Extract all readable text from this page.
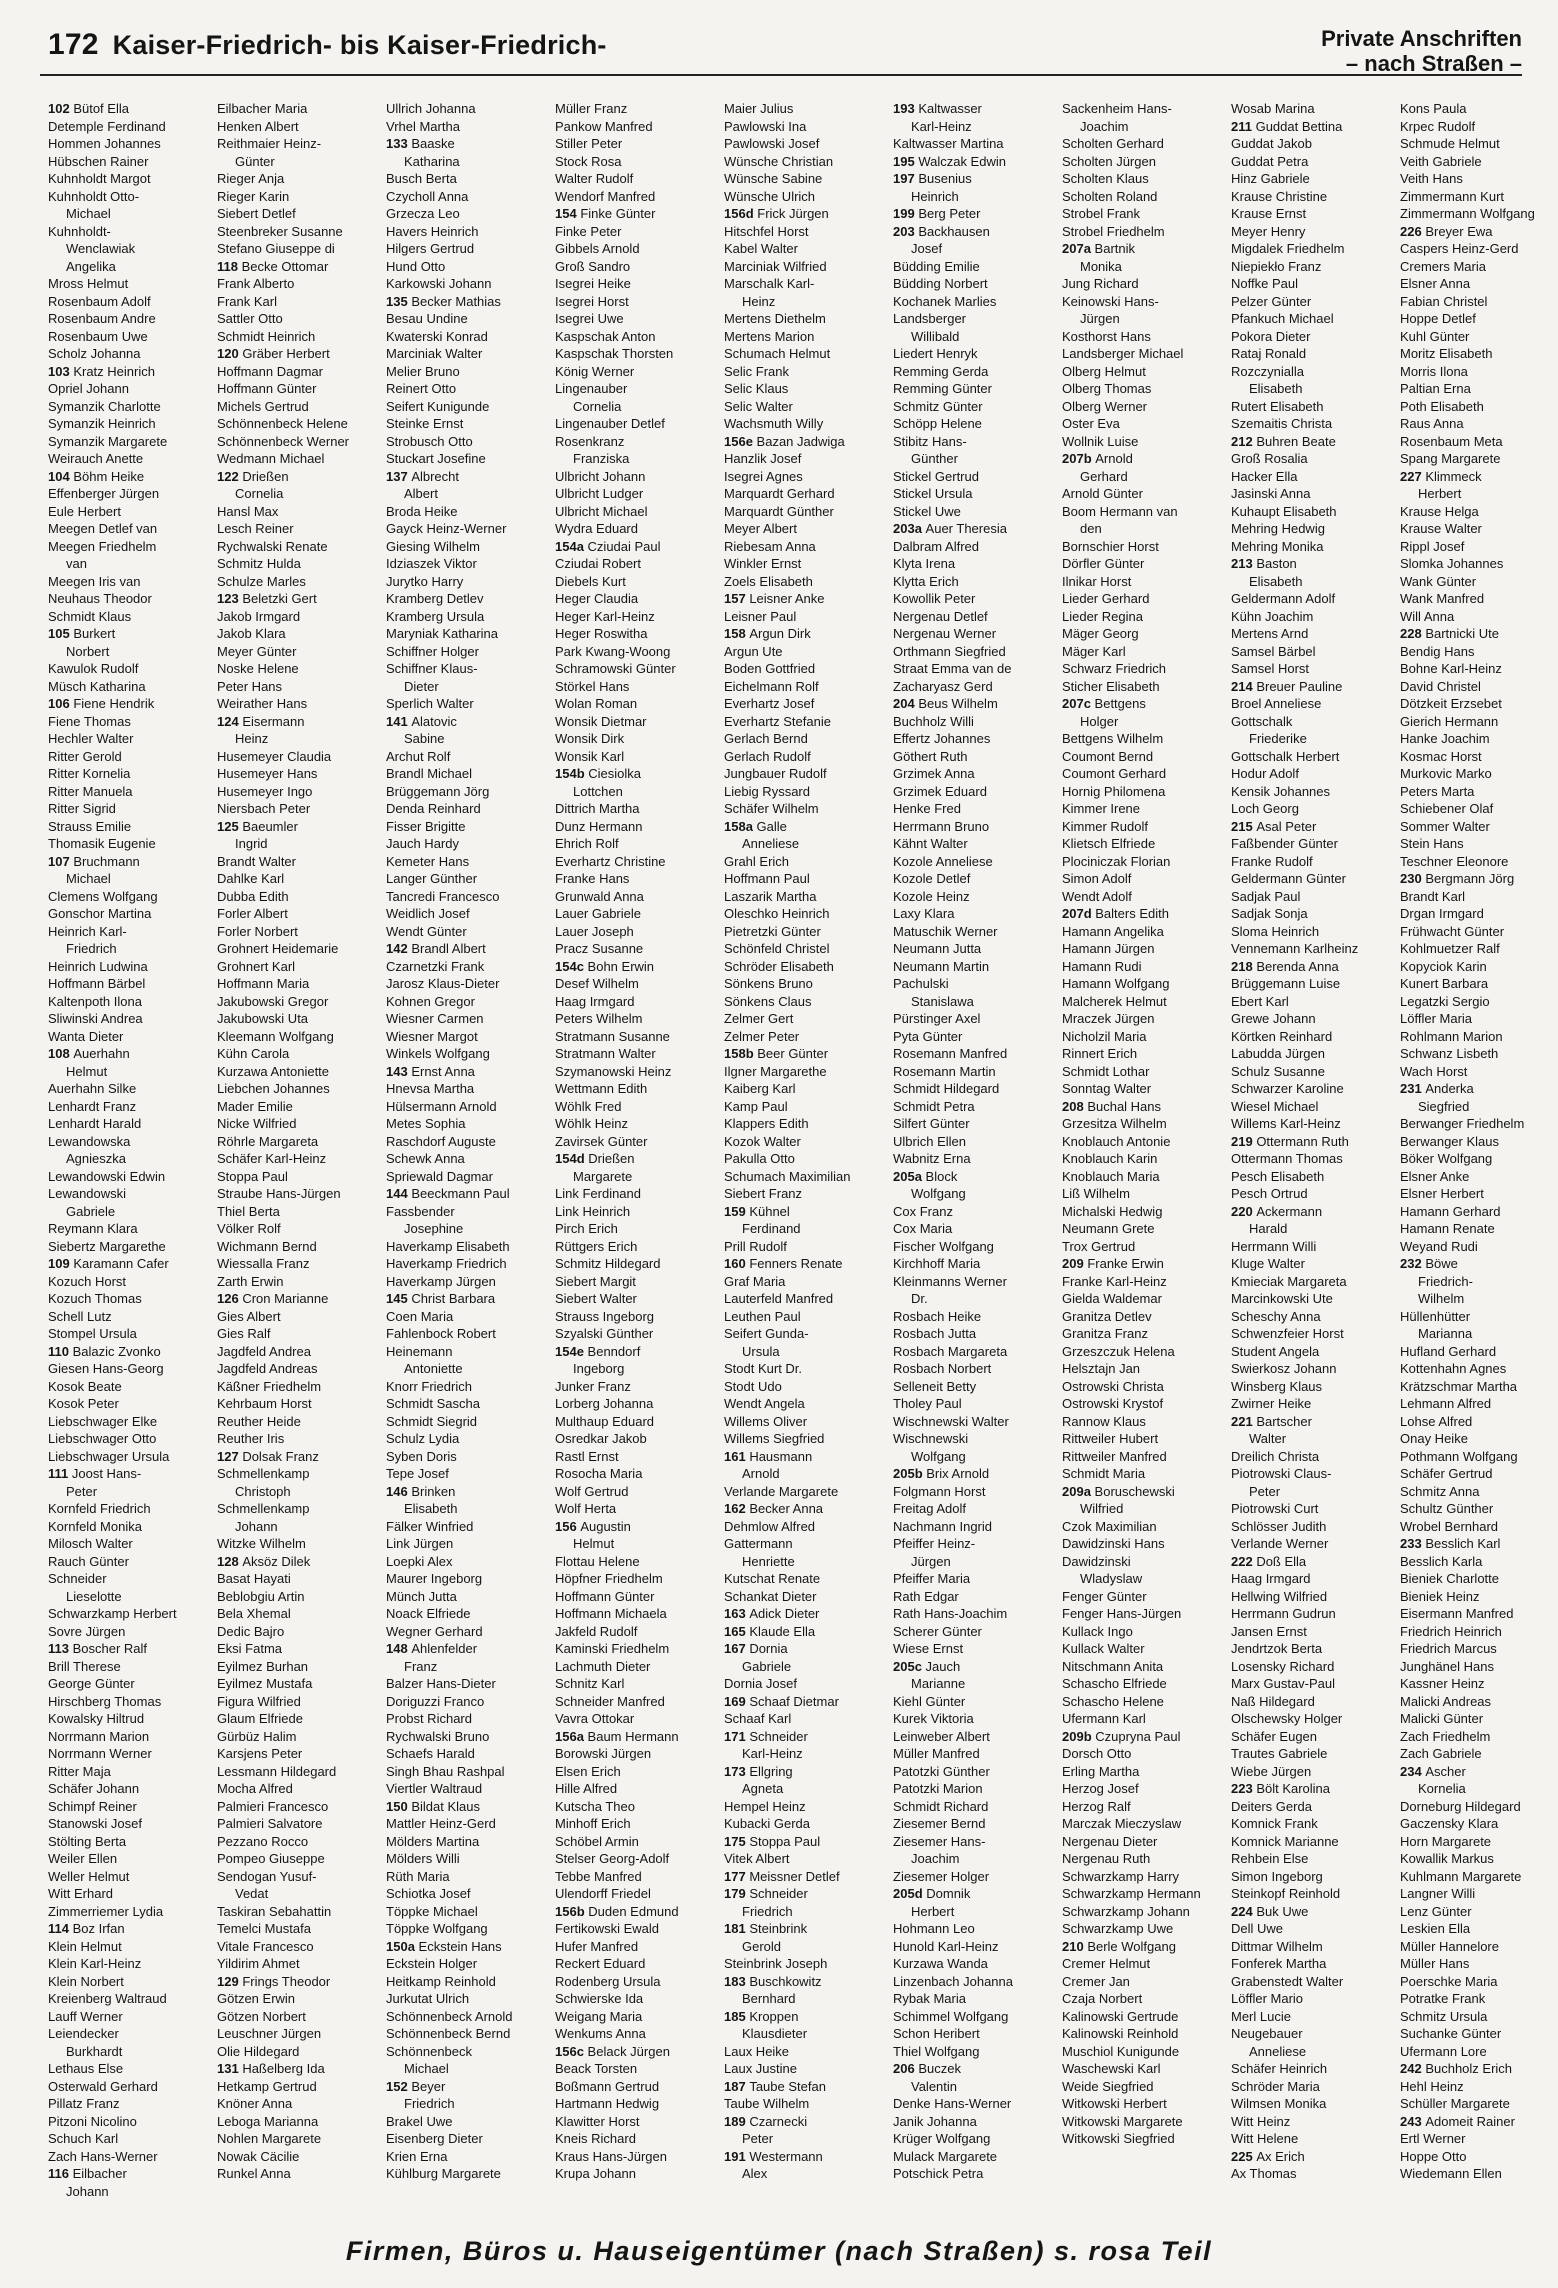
172 Kaiser-Friedrich- bis Kaiser-Friedrich-	Private Anschriften
– nach Straßen –
102 Bütof Ella
Detemple Ferdinand
Hommen Johannes
Hübschen Rainer
Kuhnholdt Margot
Kuhnholdt Otto-
Michael
Kuhnholdt-
Wenclawiak
Angelika
Mross Helmut
Rosenbaum Adolf
Rosenbaum Andre
Rosenbaum Uwe
Scholz Johanna
103 Kratz Heinrich
Opriel Johann
Symanzik Charlotte
Symanzik Heinrich
Symanzik Margarete
Weirauch Anette
104 Böhm Heike
Effenberger Jürgen
Eule Herbert
Meegen Detlef van
Meegen Friedhelm
van
Meegen Iris van
Neuhaus Theodor
Schmidt Klaus
105 Burkert
Norbert
Kawulok Rudolf
Müsch Katharina
106 Fiene Hendrik
Fiene Thomas
Hechler Walter
Ritter Gerold
Ritter Kornelia
Ritter Manuela
Ritter Sigrid
Strauss Emilie
Thomasik Eugenie
107 Bruchmann
Michael
Clemens Wolfgang
Gonschor Martina
Heinrich Karl-
Friedrich
Heinrich Ludwina
Hoffmann Bärbel
Kaltenpoth Ilona
Sliwinski Andrea
Wanta Dieter
108 Auerhahn
Helmut
Auerhahn Silke
Lenhardt Franz
Lenhardt Harald
Lewandowska
Agnieszka
Lewandowski Edwin
Lewandowski
Gabriele
Reymann Klara
Siebertz Margarethe
109 Karamann Cafer
Kozuch Horst
Kozuch Thomas
Schell Lutz
Stompel Ursula
110 Balazic Zvonko
Giesen Hans-Georg
Kosok Beate
Kosok Peter
Liebschwager Elke
Liebschwager Otto
Liebschwager Ursula
111 Joost Hans-
Peter
Kornfeld Friedrich
Kornfeld Monika
Milosch Walter
Rauch Günter
Schneider
Lieselotte
Schwarzkamp Herbert
Sovre Jürgen
113 Boscher Ralf
Brill Therese
George Günter
Hirschberg Thomas
Kowalsky Hiltrud
Norrmann Marion
Norrmann Werner
Ritter Maja
Schäfer Johann
Schimpf Reiner
Stanowski Josef
Stölting Berta
Weiler Ellen
Weller Helmut
Witt Erhard
Zimmerriemer Lydia
114 Boz Irfan
Klein Helmut
Klein Karl-Heinz
Klein Norbert
Kreienberg Waltraud
Lauff Werner
Leiendecker
Burkhardt
Lethaus Else
Osterwald Gerhard
Pillatz Franz
Pitzoni Nicolino
Schuch Karl
Zach Hans-Werner
116 Eilbacher
Johann
Eilbacher Maria
Henken Albert
Reithmaier Heinz-
Günter
Rieger Anja
Rieger Karin
Siebert Detlef
Steenbreker Susanne
Stefano Giuseppe di
118 Becke Ottomar
Frank Alberto
Frank Karl
Sattler Otto
Schmidt Heinrich
120 Gräber Herbert
Hoffmann Dagmar
Hoffmann Günter
Michels Gertrud
Schönnenbeck Helene
Schönnenbeck Werner
Wedmann Michael
122 Drießen
Cornelia
Hansl Max
Lesch Reiner
Rychwalski Renate
Schmitz Hulda
Schulze Marles
123 Beletzki Gert
Jakob Irmgard
Jakob Klara
Meyer Günter
Noske Helene
Peter Hans
Weirather Hans
124 Eisermann
Heinz
Husemeyer Claudia
Husemeyer Hans
Husemeyer Ingo
Niersbach Peter
125 Baeumler
Ingrid
Brandt Walter
Dahlke Karl
Dubba Edith
Forler Albert
Forler Norbert
Grohnert Heidemarie
Grohnert Karl
Hoffmann Maria
Jakubowski Gregor
Jakubowski Uta
Kleemann Wolfgang
Kühn Carola
Kurzawa Antoniette
Liebchen Johannes
Mader Emilie
Nicke Wilfried
Röhrle Margareta
Schäfer Karl-Heinz
Stoppa Paul
Straube Hans-Jürgen
Thiel Berta
Völker Rolf
Wichmann Bernd
Wiessalla Franz
Zarth Erwin
126 Cron Marianne
Gies Albert
Gies Ralf
Jagdfeld Andrea
Jagdfeld Andreas
Käßner Friedhelm
Kehrbaum Horst
Reuther Heide
Reuther Iris
127 Dolsak Franz
Schmellenkamp
Christoph
Schmellenkamp
Johann
Witzke Wilhelm
128 Aksöz Dilek
Basat Hayati
Beblobgiu Artin
Bela Xhemal
Dedic Bajro
Eksi Fatma
Eyilmez Burhan
Eyilmez Mustafa
Figura Wilfried
Glaum Elfriede
Gürbüz Halim
Karsjens Peter
Lessmann Hildegard
Mocha Alfred
Palmieri Francesco
Palmieri Salvatore
Pezzano Rocco
Pompeo Giuseppe
Sendogan Yusuf-
Vedat
Taskiran Sebahattin
Temelci Mustafa
Vitale Francesco
Yildirim Ahmet
129 Frings Theodor
Götzen Erwin
Götzen Norbert
Leuschner Jürgen
Olie Hildegard
131 Haßelberg Ida
Hetkamp Gertrud
Knöner Anna
Leboga Marianna
Nohlen Margarete
Nowak Cäcilie
Runkel Anna
Ullrich Johanna
Vrhel Martha
133 Baaske
Katharina
Busch Berta
Czycholl Anna
Grzecza Leo
Havers Heinrich
Hilgers Gertrud
Hund Otto
Karkowski Johann
135 Becker Mathias
Besau Undine
Kwaterski Konrad
Marciniak Walter
Melier Bruno
Reinert Otto
Seifert Kunigunde
Steinke Ernst
Strobusch Otto
Stuckart Josefine
137 Albrecht
Albert
Broda Heike
Gayck Heinz-Werner
Giesing Wilhelm
Idziaszek Viktor
Jurytko Harry
Kramberg Detlev
Kramberg Ursula
Maryniak Katharina
Schiffner Holger
Schiffner Klaus-
Dieter
Sperlich Walter
141 Alatovic
Sabine
Archut Rolf
Brandl Michael
Brüggemann Jörg
Denda Reinhard
Fisser Brigitte
Jauch Hardy
Kemeter Hans
Langer Günther
Tancredi Francesco
Weidlich Josef
Wendt Günter
142 Brandl Albert
Czarnetzki Frank
Jarosz Klaus-Dieter
Kohnen Gregor
Wiesner Carmen
Wiesner Margot
Winkels Wolfgang
143 Ernst Anna
Hnevsa Martha
Hülsermann Arnold
Metes Sophia
Raschdorf Auguste
Schewk Anna
Spriewald Dagmar
144 Beeckmann Paul
Fassbender
Josephine
Haverkamp Elisabeth
Haverkamp Friedrich
Haverkamp Jürgen
145 Christ Barbara
Coen Maria
Fahlenbock Robert
Heinemann
Antoniette
Knorr Friedrich
Schmidt Sascha
Schmidt Siegrid
Schulz Lydia
Syben Doris
Tepe Josef
146 Brinken
Elisabeth
Fälker Winfried
Link Jürgen
Loepki Alex
Maurer Ingeborg
Münch Jutta
Noack Elfriede
Wegner Gerhard
148 Ahlenfelder
Franz
Balzer Hans-Dieter
Doriguzzi Franco
Probst Richard
Rychwalski Bruno
Schaefs Harald
Singh Bhau Rashpal
Viertler Waltraud
150 Bildat Klaus
Mattler Heinz-Gerd
Mölders Martina
Mölders Willi
Rüth Maria
Schiotka Josef
Töppke Michael
Töppke Wolfgang
150a Eckstein Hans
Eckstein Holger
Heitkamp Reinhold
Jurkutat Ulrich
Schönnenbeck Arnold
Schönnenbeck Bernd
Schönnenbeck
Michael
152 Beyer
Friedrich
Brakel Uwe
Eisenberg Dieter
Krien Erna
Kühlburg Margarete
Müller Franz
Pankow Manfred
Stiller Peter
Stock Rosa
Walter Rudolf
Wendorf Manfred
154 Finke Günter
Finke Peter
Gibbels Arnold
Groß Sandro
Isegrei Heike
Isegrei Horst
Isegrei Uwe
Kaspschak Anton
Kaspschak Thorsten
König Werner
Lingenauber
Cornelia
Lingenauber Detlef
Rosenkranz
Franziska
Ulbricht Johann
Ulbricht Ludger
Ulbricht Michael
Wydra Eduard
154a Cziudai Paul
Cziudai Robert
Diebels Kurt
Heger Claudia
Heger Karl-Heinz
Heger Roswitha
Park Kwang-Woong
Schramowski Günter
Störkel Hans
Wolan Roman
Wonsik Dietmar
Wonsik Dirk
Wonsik Karl
154b Ciesiolka
Lottchen
Dittrich Martha
Dunz Hermann
Ehrich Rolf
Everhartz Christine
Franke Hans
Grunwald Anna
Lauer Gabriele
Lauer Joseph
Pracz Susanne
154c Bohn Erwin
Desef Wilhelm
Haag Irmgard
Peters Wilhelm
Stratmann Susanne
Stratmann Walter
Szymanowski Heinz
Wettmann Edith
Wöhlk Fred
Wöhlk Heinz
Zavirsek Günter
154d Drießen
Margarete
Link Ferdinand
Link Heinrich
Pirch Erich
Rüttgers Erich
Schmitz Hildegard
Siebert Margit
Siebert Walter
Strauss Ingeborg
Szyalski Günther
154e Benndorf
Ingeborg
Junker Franz
Lorberg Johanna
Multhaup Eduard
Osredkar Jakob
Rastl Ernst
Rosocha Maria
Wolf Gertrud
Wolf Herta
156 Augustin
Helmut
Flottau Helene
Höpfner Friedhelm
Hoffmann Günter
Hoffmann Michaela
Jakfeld Rudolf
Kaminski Friedhelm
Lachmuth Dieter
Schnitz Karl
Schneider Manfred
Vavra Ottokar
156a Baum Hermann
Borowski Jürgen
Elsen Erich
Hille Alfred
Kutscha Theo
Minhoff Erich
Schöbel Armin
Stelser Georg-Adolf
Tebbe Manfred
Ulendorff Friedel
156b Duden Edmund
Fertikowski Ewald
Hufer Manfred
Reckert Eduard
Rodenberg Ursula
Schwierske Ida
Weigang Maria
Wenkums Anna
156c Belack Jürgen
Beack Torsten
Boßmann Gertrud
Hartmann Hedwig
Klawitter Horst
Kneis Richard
Kraus Hans-Jürgen
Krupa Johann
Maier Julius
Pawlowski Ina
Pawlowski Josef
Wünsche Christian
Wünsche Sabine
Wünsche Ulrich
156d Frick Jürgen
Hitschfel Horst
Kabel Walter
Marciniak Wilfried
Marschalk Karl-
Heinz
Mertens Diethelm
Mertens Marion
Schumach Helmut
Selic Frank
Selic Klaus
Selic Walter
Wachsmuth Willy
156e Bazan Jadwiga
Hanzlik Josef
Isegrei Agnes
Marquardt Gerhard
Marquardt Günther
Meyer Albert
Riebesam Anna
Winkler Ernst
Zoels Elisabeth
157 Leisner Anke
Leisner Paul
158 Argun Dirk
Argun Ute
Boden Gottfried
Eichelmann Rolf
Everhartz Josef
Everhartz Stefanie
Gerlach Bernd
Gerlach Rudolf
Jungbauer Rudolf
Liebig Ryssard
Schäfer Wilhelm
158a Galle
Anneliese
Grahl Erich
Hoffmann Paul
Laszarik Martha
Oleschko Heinrich
Pietretzki Günter
Schönfeld Christel
Schröder Elisabeth
Sönkens Bruno
Sönkens Claus
Zelmer Gert
Zelmer Peter
158b Beer Günter
Ilgner Margarethe
Kaiberg Karl
Kamp Paul
Klappers Edith
Kozok Walter
Pakulla Otto
Schumach Maximilian
Siebert Franz
159 Kühnel
Ferdinand
Prill Rudolf
160 Fenners Renate
Graf Maria
Lauterfeld Manfred
Leuthen Paul
Seifert Gunda-
Ursula
Stodt Kurt Dr.
Stodt Udo
Wendt Angela
Willems Oliver
Willems Siegfried
161 Hausmann
Arnold
Verlande Margarete
162 Becker Anna
Dehmlow Alfred
Gattermann
Henriette
Kutschat Renate
Schankat Dieter
163 Adick Dieter
165 Klaude Ella
167 Dornia
Gabriele
Dornia Josef
169 Schaaf Dietmar
Schaaf Karl
171 Schneider
Karl-Heinz
173 Ellgring
Agneta
Hempel Heinz
Kubacki Gerda
175 Stoppa Paul
Vitek Albert
177 Meissner Detlef
179 Schneider
Friedrich
181 Steinbrink
Gerold
Steinbrink Joseph
183 Buschkowitz
Bernhard
185 Kroppen
Klausdieter
Laux Heike
Laux Justine
187 Taube Stefan
Taube Wilhelm
189 Czarnecki
Peter
191 Westermann
Alex
193 Kaltwasser
Karl-Heinz
Kaltwasser Martina
195 Walczak Edwin
197 Busenius
Heinrich
199 Berg Peter
203 Backhausen
Josef
Büdding Emilie
Büdding Norbert
Kochanek Marlies
Landsberger
Willibald
Liedert Henryk
Remming Gerda
Remming Günter
Schmitz Günter
Schöpp Helene
Stibitz Hans-
Günther
Stickel Gertrud
Stickel Ursula
Stickel Uwe
203a Auer Theresia
Dalbram Alfred
Klyta Irena
Klytta Erich
Kowollik Peter
Nergenau Detlef
Nergenau Werner
Orthmann Siegfried
Straat Emma van de
Zacharyasz Gerd
204 Beus Wilhelm
Buchholz Willi
Effertz Johannes
Göthert Ruth
Grzimek Anna
Grzimek Eduard
Henke Fred
Herrmann Bruno
Kähnt Walter
Kozole Anneliese
Kozole Detlef
Kozole Heinz
Laxy Klara
Matuschik Werner
Neumann Jutta
Neumann Martin
Pachulski
Stanislawa
Pürstinger Axel
Pyta Günter
Rosemann Manfred
Rosemann Martin
Schmidt Hildegard
Schmidt Petra
Silfert Günter
Ulbrich Ellen
Wabnitz Erna
205a Block
Wolfgang
Cox Franz
Cox Maria
Fischer Wolfgang
Kirchhoff Maria
Kleinmanns Werner
Dr.
Rosbach Heike
Rosbach Jutta
Rosbach Margareta
Rosbach Norbert
Selleneit Betty
Tholey Paul
Wischnewski Walter
Wischnewski
Wolfgang
205b Brix Arnold
Folgmann Horst
Freitag Adolf
Nachmann Ingrid
Pfeiffer Heinz-
Jürgen
Pfeiffer Maria
Rath Edgar
Rath Hans-Joachim
Scherer Günter
Wiese Ernst
205c Jauch
Marianne
Kiehl Günter
Kurek Viktoria
Leinweber Albert
Müller Manfred
Patotzki Günther
Patotzki Marion
Schmidt Richard
Ziesemer Bernd
Ziesemer Hans-
Joachim
Ziesemer Holger
205d Domnik
Herbert
Hohmann Leo
Hunold Karl-Heinz
Kurzawa Wanda
Linzenbach Johanna
Rybak Maria
Schimmel Wolfgang
Schon Heribert
Thiel Wolfgang
206 Buczek
Valentin
Denke Hans-Werner
Janik Johanna
Krüger Wolfgang
Mulack Margarete
Potschick Petra
Sackenheim Hans-
Joachim
Scholten Gerhard
Scholten Jürgen
Scholten Klaus
Scholten Roland
Strobel Frank
Strobel Friedhelm
207a Bartnik
Monika
Jung Richard
Keinowski Hans-
Jürgen
Kosthorst Hans
Landsberger Michael
Olberg Helmut
Olberg Thomas
Olberg Werner
Oster Eva
Wollnik Luise
207b Arnold
Gerhard
Arnold Günter
Boom Hermann van
den
Bornschier Horst
Dörfler Günter
Ilnikar Horst
Lieder Gerhard
Lieder Regina
Mäger Georg
Mäger Karl
Schwarz Friedrich
Sticher Elisabeth
207c Bettgens
Holger
Bettgens Wilhelm
Coumont Bernd
Coumont Gerhard
Hornig Philomena
Kimmer Irene
Kimmer Rudolf
Klietsch Elfriede
Plociniczak Florian
Simon Adolf
Wendt Adolf
207d Balters Edith
Hamann Angelika
Hamann Jürgen
Hamann Rudi
Hamann Wolfgang
Malcherek Helmut
Mraczek Jürgen
Nicholzil Maria
Rinnert Erich
Schmidt Lothar
Sonntag Walter
208 Buchal Hans
Grzesitza Wilhelm
Knoblauch Antonie
Knoblauch Karin
Knoblauch Maria
Liß Wilhelm
Michalski Hedwig
Neumann Grete
Trox Gertrud
209 Franke Erwin
Franke Karl-Heinz
Gielda Waldemar
Granitza Detlev
Granitza Franz
Grzeszczuk Helena
Helsztajn Jan
Ostrowski Christa
Ostrowski Krystof
Rannow Klaus
Rittweiler Hubert
Rittweiler Manfred
Schmidt Maria
209a Boruschewski
Wilfried
Czok Maximilian
Dawidzinski Hans
Dawidzinski
Wladyslaw
Fenger Günter
Fenger Hans-Jürgen
Kullack Ingo
Kullack Walter
Nitschmann Anita
Schascho Elfriede
Schascho Helene
Ufermann Karl
209b Czupryna Paul
Dorsch Otto
Erling Martha
Herzog Josef
Herzog Ralf
Marczak Mieczyslaw
Nergenau Dieter
Nergenau Ruth
Schwarzkamp Harry
Schwarzkamp Hermann
Schwarzkamp Johann
Schwarzkamp Uwe
210 Berle Wolfgang
Cremer Helmut
Cremer Jan
Czaja Norbert
Kalinowski Gertrude
Kalinowski Reinhold
Muschiol Kunigunde
Waschewski Karl
Weide Siegfried
Witkowski Herbert
Witkowski Margarete
Witkowski Siegfried
Wosab Marina
211 Guddat Bettina
Guddat Jakob
Guddat Petra
Hinz Gabriele
Krause Christine
Krause Ernst
Meyer Henry
Migdalek Friedhelm
Niepiekło Franz
Noffke Paul
Pelzer Günter
Pfankuch Michael
Pokora Dieter
Rataj Ronald
Rozczynialla
Elisabeth
Rutert Elisabeth
Szemaitis Christa
212 Buhren Beate
Groß Rosalia
Hacker Ella
Jasinski Anna
Kuhaupt Elisabeth
Mehring Hedwig
Mehring Monika
213 Baston
Elisabeth
Geldermann Adolf
Kühn Joachim
Mertens Arnd
Samsel Bärbel
Samsel Horst
214 Breuer Pauline
Broel Anneliese
Gottschalk
Friederike
Gottschalk Herbert
Hodur Adolf
Kensik Johannes
Loch Georg
215 Asal Peter
Faßbender Günter
Franke Rudolf
Geldermann Günter
Sadjak Paul
Sadjak Sonja
Sloma Heinrich
Vennemann Karlheinz
218 Berenda Anna
Brüggemann Luise
Ebert Karl
Grewe Johann
Körtken Reinhard
Labudda Jürgen
Schulz Susanne
Schwarzer Karoline
Wiesel Michael
Willems Karl-Heinz
219 Ottermann Ruth
Ottermann Thomas
Pesch Elisabeth
Pesch Ortrud
220 Ackermann
Harald
Herrmann Willi
Kluge Walter
Kmieciak Margareta
Marcinkowski Ute
Scheschy Anna
Schwenzfeier Horst
Student Angela
Swierkosz Johann
Winsberg Klaus
Zwirner Heike
221 Bartscher
Walter
Dreilich Christa
Piotrowski Claus-
Peter
Piotrowski Curt
Schlösser Judith
Verlande Werner
222 Doß Ella
Haag Irmgard
Hellwing Wilfried
Herrmann Gudrun
Jansen Ernst
Jendrtzok Berta
Losensky Richard
Marx Gustav-Paul
Naß Hildegard
Olschewsky Holger
Schäfer Eugen
Trautes Gabriele
Wiebe Jürgen
223 Bölt Karolina
Deiters Gerda
Komnick Frank
Komnick Marianne
Rehbein Else
Simon Ingeborg
Steinkopf Reinhold
224 Buk Uwe
Dell Uwe
Dittmar Wilhelm
Fonferek Martha
Grabenstedt Walter
Löffler Mario
Merl Lucie
Neugebauer
Anneliese
Schäfer Heinrich
Schröder Maria
Wilmsen Monika
Witt Heinz
Witt Helene
225 Ax Erich
Ax Thomas
Kons Paula
Krpec Rudolf
Schmude Helmut
Veith Gabriele
Veith Hans
Zimmermann Kurt
Zimmermann Wolfgang
226 Breyer Ewa
Caspers Heinz-Gerd
Cremers Maria
Elsner Anna
Fabian Christel
Hoppe Detlef
Kuhl Günter
Moritz Elisabeth
Morris Ilona
Paltian Erna
Poth Elisabeth
Raus Anna
Rosenbaum Meta
Spang Margarete
227 Klimmeck
Herbert
Krause Helga
Krause Walter
Rippl Josef
Slomka Johannes
Wank Günter
Wank Manfred
Will Anna
228 Bartnicki Ute
Bendig Hans
Bohne Karl-Heinz
David Christel
Dötzkeit Erzsebet
Gierich Hermann
Hanke Joachim
Kosmac Horst
Murkovic Marko
Peters Marta
Schiebener Olaf
Sommer Walter
Stein Hans
Teschner Eleonore
230 Bergmann Jörg
Brandt Karl
Drgan Irmgard
Frühwacht Günter
Kohlmuetzer Ralf
Kopyciok Karin
Kunert Barbara
Legatzki Sergio
Löffler Maria
Rohlmann Marion
Schwanz Lisbeth
Wach Horst
231 Anderka
Siegfried
Berwanger Friedhelm
Berwanger Klaus
Böker Wolfgang
Elsner Anke
Elsner Herbert
Hamann Gerhard
Hamann Renate
Weyand Rudi
232 Böwe
Friedrich-
Wilhelm
Hüllenhütter
Marianna
Hufland Gerhard
Kottenhahn Agnes
Krätzschmar Martha
Lehmann Alfred
Lohse Alfred
Onay Heike
Pothmann Wolfgang
Schäfer Gertrud
Schmitz Anna
Schultz Günther
Wrobel Bernhard
233 Besslich Karl
Besslich Karla
Bieniek Charlotte
Bieniek Heinz
Eisermann Manfred
Friedrich Heinrich
Friedrich Marcus
Junghänel Hans
Kassner Heinz
Malicki Andreas
Malicki Günter
Zach Friedhelm
Zach Gabriele
234 Ascher
Kornelia
Dorneburg Hildegard
Gaczensky Klara
Horn Margarete
Kowallik Markus
Kuhlmann Margarete
Langner Willi
Lenz Günter
Leskien Ella
Müller Hannelore
Müller Hans
Poerschke Maria
Potratke Frank
Schmitz Ursula
Suchanke Günter
Ufermann Lore
242 Buchholz Erich
Hehl Heinz
Schüller Margarete
243 Adomeit Rainer
Ertl Werner
Hoppe Otto
Wiedemann Ellen
Firmen, Büros u. Hauseigentümer (nach Straßen) s. rosa Teil
